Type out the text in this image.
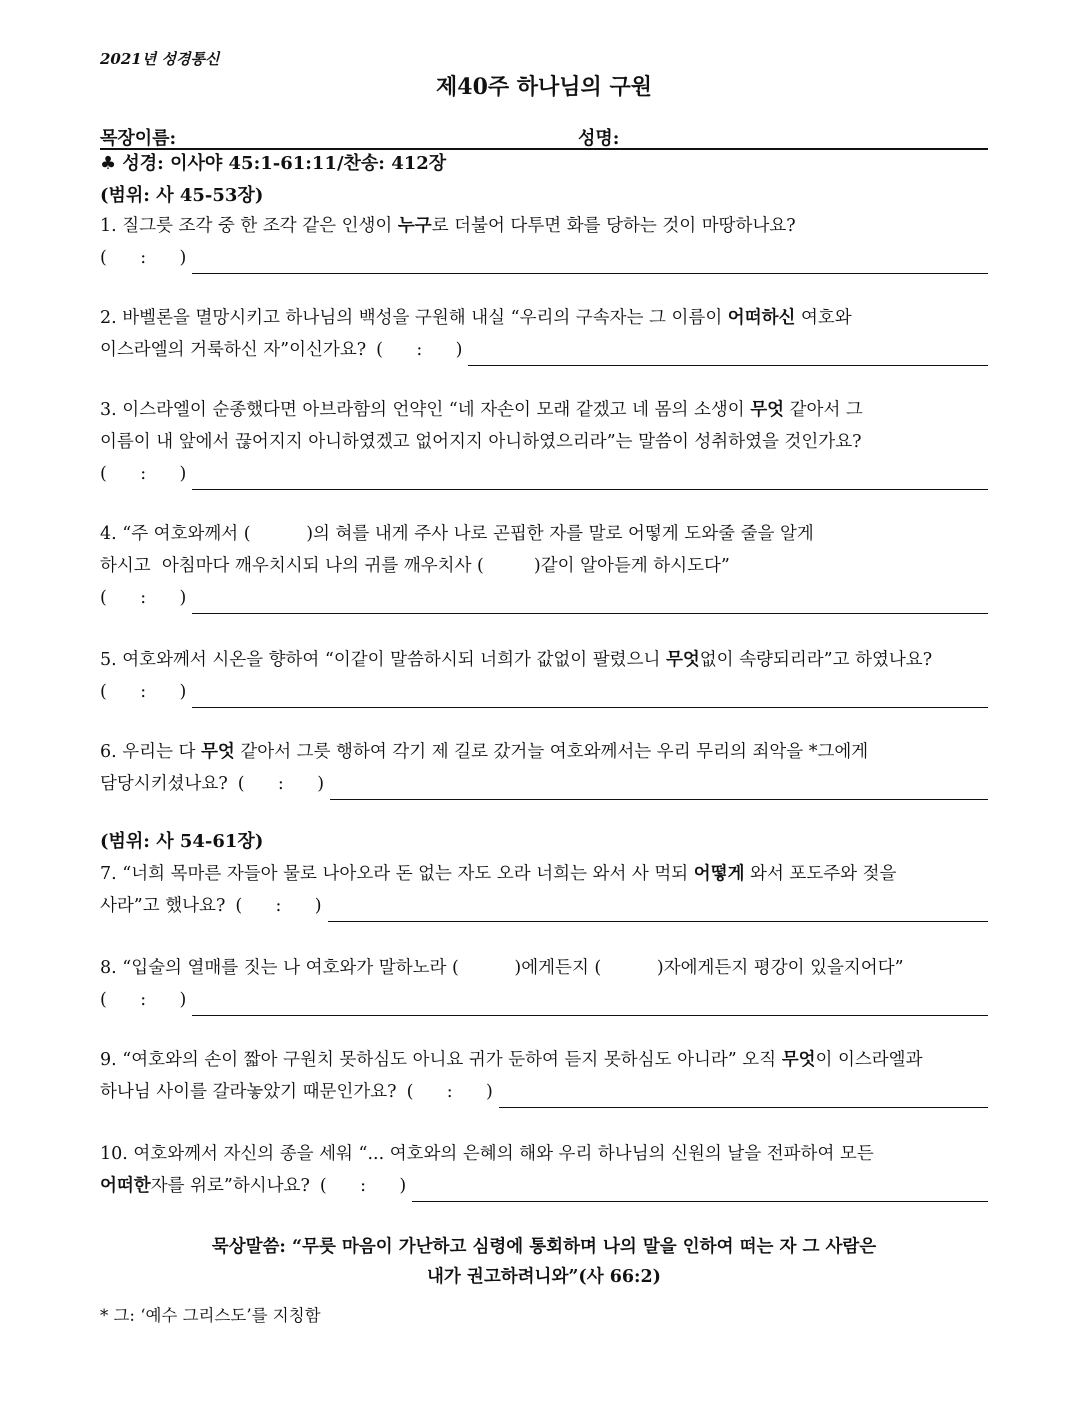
2021년 성경통신
제40주 하나님의 구원
목장이름:	성명:
♣ 성경: 이사야 45:1-61:11/찬송: 412장
(범위: 사 45-53장)
1. 질그릇 조각 중 한 조각 같은 인생이 누구로 더불어 다투면 화를 당하는 것이 마땅하나요?
(      :      )
2. 바벨론을 멸망시키고 하나님의 백성을 구원해 내실 “우리의 구속자는 그 이름이 어떠하신 여호와
이스라엘의 거룩하신 자”이신가요? (      :      )
3. 이스라엘이 순종했다면 아브라함의 언약인 “네 자손이 모래 같겠고 네 몸의 소생이 무엇 같아서 그
이름이 내 앞에서 끊어지지 아니하였겠고 없어지지 아니하였으리라”는 말씀이 성취하였을 것인가요?
(      :      )
4. “주 여호와께서 (          )의 혀를 내게 주사 나로 곤핍한 자를 말로 어떻게 도와줄 줄을 알게
하시고  아침마다 깨우치시되 나의 귀를 깨우치사 (         )같이 알아듣게 하시도다”
(      :      )
5. 여호와께서 시온을 향하여 “이같이 말씀하시되 너희가 값없이 팔렸으니 무엇없이 속량되리라”고 하였나요?
(      :      )
6. 우리는 다 무엇 같아서 그릇 행하여 각기 제 길로 갔거늘 여호와께서는 우리 무리의 죄악을 *그에게
담당시키셨나요? (      :      )
(범위: 사 54-61장)
7. “너희 목마른 자들아 물로 나아오라 돈 없는 자도 오라 너희는 와서 사 먹되 어떻게 와서 포도주와 젖을
사라”고 했나요? (      :      )
8. “입술의 열매를 짓는 나 여호와가 말하노라 (          )에게든지 (          )자에게든지 평강이 있을지어다”
(      :      )
9. “여호와의 손이 짧아 구원치 못하심도 아니요 귀가 둔하여 듣지 못하심도 아니라” 오직 무엇이 이스라엘과
하나님 사이를 갈라놓았기 때문인가요? (      :      )
10. 여호와께서 자신의 종을 세워 “... 여호와의 은혜의 해와 우리 하나님의 신원의 날을 전파하여 모든
어떠한 자를 위로”하시나요? (      :      )
묵상말씀: “무릇 마음이 가난하고 심령에 통회하며 나의 말을 인하여 떠는 자 그 사람은
내가 권고하려니와”(사 66:2)
* 그: ‘예수 그리스도’를 지칭함
